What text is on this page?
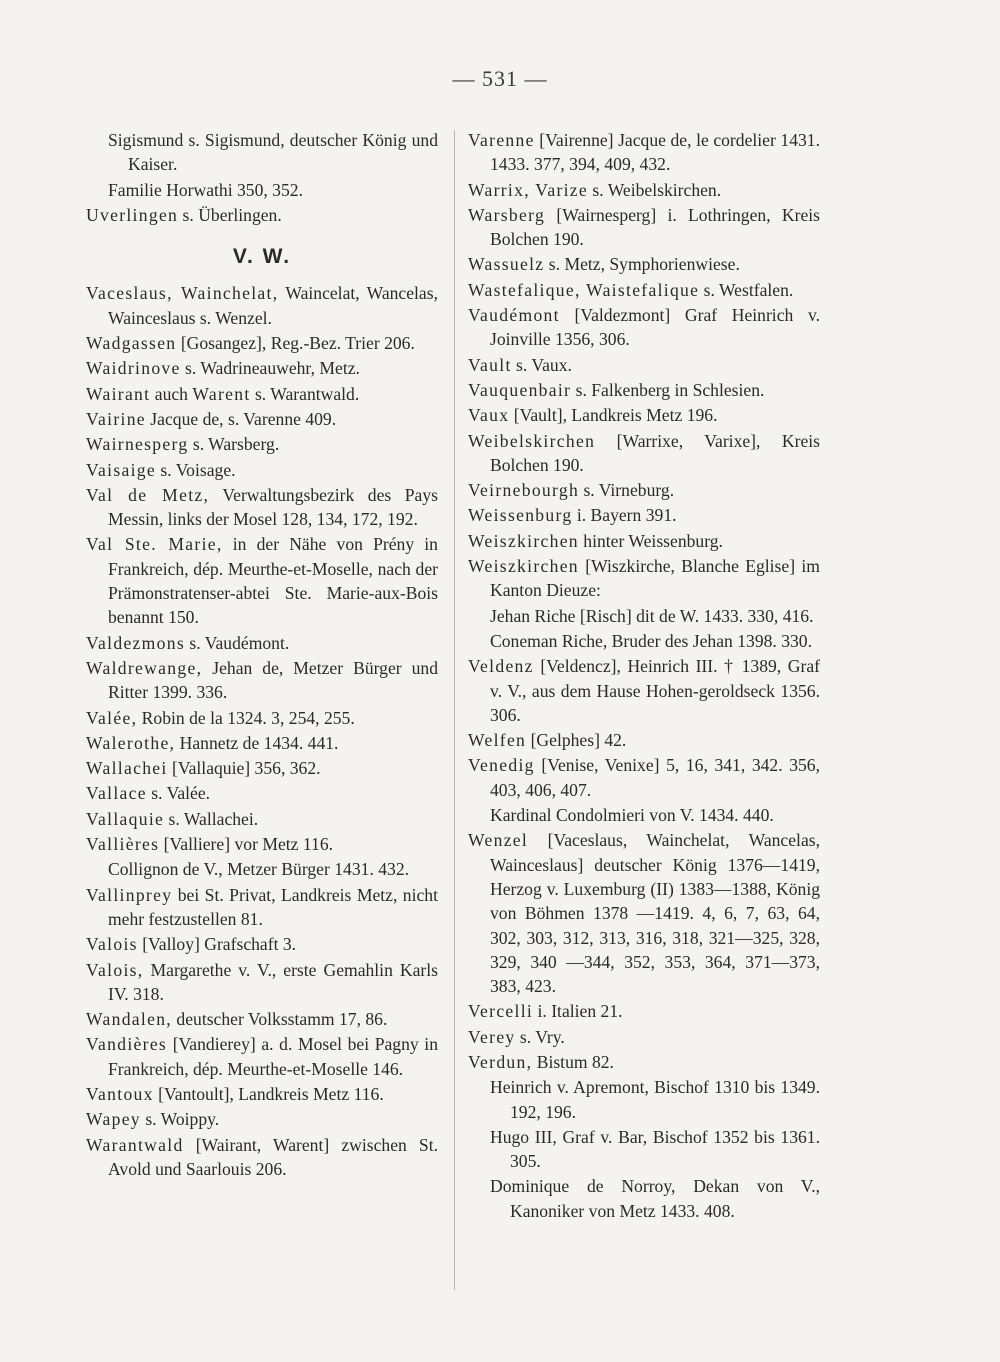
— 531 —
Sigismund s. Sigismund, deutscher König und Kaiser.
Familie Horwathi 350, 352.
Uverlingen s. Überlingen.
V. W.
Vaceslaus, Wainchelat, Waincelat, Wancelas, Wainceslaus s. Wenzel.
Wadgassen [Gosangez], Reg.-Bez. Trier 206.
Waidrinove s. Wadrineauwehr, Metz.
Wairant auch Warent s. Warantwald.
Vairine Jacque de, s. Varenne 409.
Wairnesperg s. Warsberg.
Vaisaige s. Voisage.
Val de Metz, Verwaltungsbezirk des Pays Messin, links der Mosel 128, 134, 172, 192.
Val Ste. Marie, in der Nähe von Prény in Frankreich, dép. Meurthe-et-Moselle, nach der Prämonstratenser-abtei Ste. Marie-aux-Bois benannt 150.
Valdezmons s. Vaudémont.
Waldrewange, Jehan de, Metzer Bürger und Ritter 1399. 336.
Valée, Robin de la 1324. 3, 254, 255.
Walerothe, Hannetz de 1434. 441.
Wallachei [Vallaquie] 356, 362.
Vallace s. Valée.
Vallaquie s. Wallachei.
Vallières [Valliere] vor Metz 116.
Collignon de V., Metzer Bürger 1431. 432.
Vallinprey bei St. Privat, Landkreis Metz, nicht mehr festzustellen 81.
Valois [Valloy] Grafschaft 3.
Valois, Margarethe v. V., erste Gemahlin Karls IV. 318.
Wandalen, deutscher Volksstamm 17, 86.
Vandières [Vandierey] a. d. Mosel bei Pagny in Frankreich, dép. Meurthe-et-Moselle 146.
Vantoux [Vantoult], Landkreis Metz 116.
Wapey s. Woippy.
Warantwald [Wairant, Warent] zwischen St. Avold und Saarlouis 206.
Varenne [Vairenne] Jacque de, le cordelier 1431. 1433. 377, 394, 409, 432.
Warrix, Varize s. Weibelskirchen.
Warsberg [Wairnesperg] i. Lothringen, Kreis Bolchen 190.
Wassuelz s. Metz, Symphorienwiese.
Wastefalique, Waistefalique s. Westfalen.
Vaudémont [Valdezmont] Graf Heinrich v. Joinville 1356, 306.
Vault s. Vaux.
Vauquenbair s. Falkenberg in Schlesien.
Vaux [Vault], Landkreis Metz 196.
Weibelskirchen [Warrixe, Varixe], Kreis Bolchen 190.
Veirnebourgh s. Virneburg.
Weissenburg i. Bayern 391.
Weiszkirchen hinter Weissenburg.
Weiszkirchen [Wiszkirche, Blanche Eglise] im Kanton Dieuze:
Jehan Riche [Risch] dit de W. 1433. 330, 416.
Coneman Riche, Bruder des Jehan 1398. 330.
Veldenz [Veldencz], Heinrich III. † 1389, Graf v. V., aus dem Hause Hohen-geroldseck 1356. 306.
Welfen [Gelphes] 42.
Venedig [Venise, Venixe] 5, 16, 341, 342. 356, 403, 406, 407.
Kardinal Condolmieri von V. 1434. 440.
Wenzel [Vaceslaus, Wainchelat, Wancelas, Wainceslaus] deutscher König 1376—1419, Herzog v. Luxemburg (II) 1383—1388, König von Böhmen 1378 —1419. 4, 6, 7, 63, 64, 302, 303, 312, 313, 316, 318, 321—325, 328, 329, 340 —344, 352, 353, 364, 371—373, 383, 423.
Vercelli i. Italien 21.
Verey s. Vry.
Verdun, Bistum 82.
Heinrich v. Apremont, Bischof 1310 bis 1349. 192, 196.
Hugo III, Graf v. Bar, Bischof 1352 bis 1361. 305.
Dominique de Norroy, Dekan von V., Kanoniker von Metz 1433. 408.
